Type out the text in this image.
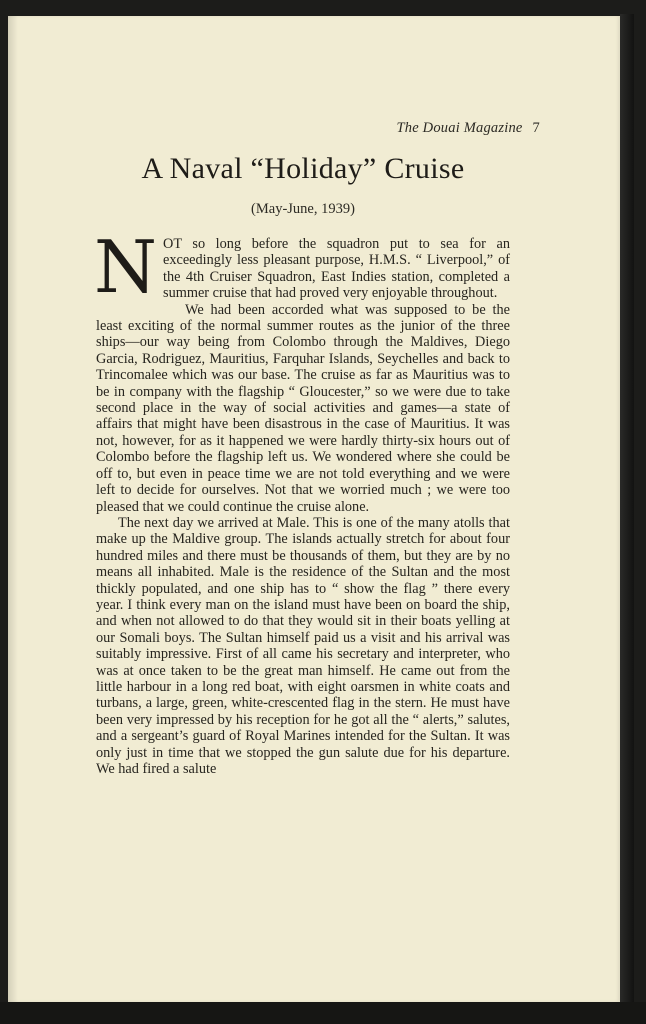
The Douai Magazine 7
A Naval “Holiday” Cruise
(May-June, 1939)

NOT so long before the squadron put to sea for an exceedingly less pleasant purpose, H.M.S. “ Liverpool,” of the 4th Cruiser Squadron, East Indies station, completed a summer cruise that had proved very enjoyable throughout.

We had been accorded what was supposed to be the least exciting of the normal summer routes as the junior of the three ships—our way being from Colombo through the Maldives, Diego Garcia, Rodriguez, Mauritius, Farquhar Islands, Seychelles and back to Trincomalee which was our base. The cruise as far as Mauritius was to be in company with the flagship “ Gloucester,” so we were due to take second place in the way of social activities and games—a state of affairs that might have been disastrous in the case of Mauritius. It was not, however, for as it happened we were hardly thirty-six hours out of Colombo before the flagship left us. We wondered where she could be off to, but even in peace time we are not told everything and we were left to decide for ourselves. Not that we worried much ; we were too pleased that we could continue the cruise alone.

The next day we arrived at Male. This is one of the many atolls that make up the Maldive group. The islands actually stretch for about four hundred miles and there must be thousands of them, but they are by no means all inhabited. Male is the residence of the Sultan and the most thickly populated, and one ship has to “ show the flag ” there every year. I think every man on the island must have been on board the ship, and when not allowed to do that they would sit in their boats yelling at our Somali boys. The Sultan himself paid us a visit and his arrival was suitably impressive. First of all came his secretary and interpreter, who was at once taken to be the great man himself. He came out from the little harbour in a long red boat, with eight oarsmen in white coats and turbans, a large, green, white-crescented flag in the stern. He must have been very impressed by his reception for he got all the “ alerts,” salutes, and a sergeant’s guard of Royal Marines intended for the Sultan. It was only just in time that we stopped the gun salute due for his departure. We had fired a salute
